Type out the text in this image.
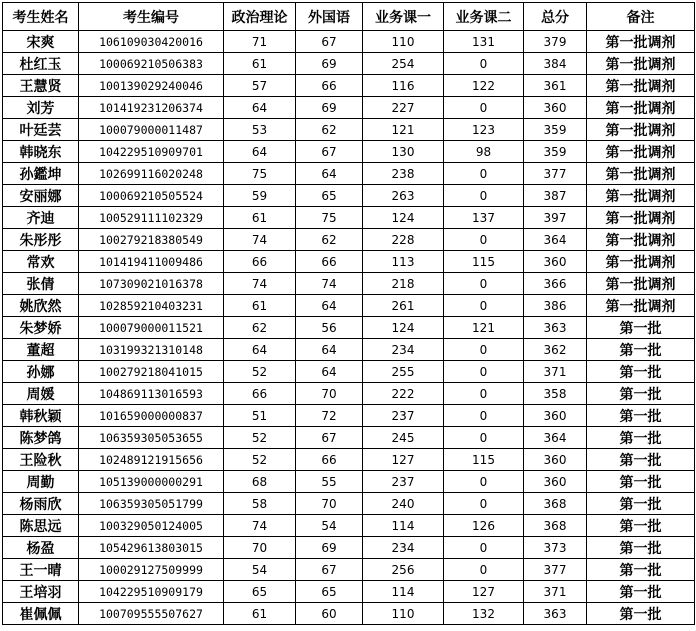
考生姓名	考生编号	政治理论	外国语	业务课一	业务课二	总分	备注
宋爽	106109030420016	71	67	110	131	379	第一批调剂
杜红玉	100069210506383	61	69	254	0	384	第一批调剂
王慧贤	100139029240046	57	66	116	122	361	第一批调剂
刘芳	101419231206374	64	69	227	0	360	第一批调剂
叶廷芸	100079000011487	53	62	121	123	359	第一批调剂
韩晓东	104229510909701	64	67	130	98	359	第一批调剂
孙鑑坤	102699116020248	75	64	238	0	377	第一批调剂
安丽娜	100069210505524	59	65	263	0	387	第一批调剂
齐迪	100529111102329	61	75	124	137	397	第一批调剂
朱彤彤	100279218380549	74	62	228	0	364	第一批调剂
常欢	101419411009486	66	66	113	115	360	第一批调剂
张倩	107309021016378	74	74	218	0	366	第一批调剂
姚欣然	102859210403231	61	64	261	0	386	第一批调剂
朱梦娇	100079000011521	62	56	124	121	363	第一批
董超	103199321310148	64	64	234	0	362	第一批
孙娜	100279218041015	52	64	255	0	371	第一批
周媛	104869113016593	66	70	222	0	358	第一批
韩秋颖	101659000000837	51	72	237	0	360	第一批
陈梦鸽	106359305053655	52	67	245	0	364	第一批
王险秋	102489121915656	52	66	127	115	360	第一批
周勤	105139000000291	68	55	237	0	360	第一批
杨雨欣	106359305051799	58	70	240	0	368	第一批
陈思远	100329050124005	74	54	114	126	368	第一批
杨盈	105429613803015	70	69	234	0	373	第一批
王一晴	100029127509999	54	67	256	0	377	第一批
王培羽	104229510909179	65	65	114	127	371	第一批
崔佩佩	100709555507627	61	60	110	132	363	第一批
